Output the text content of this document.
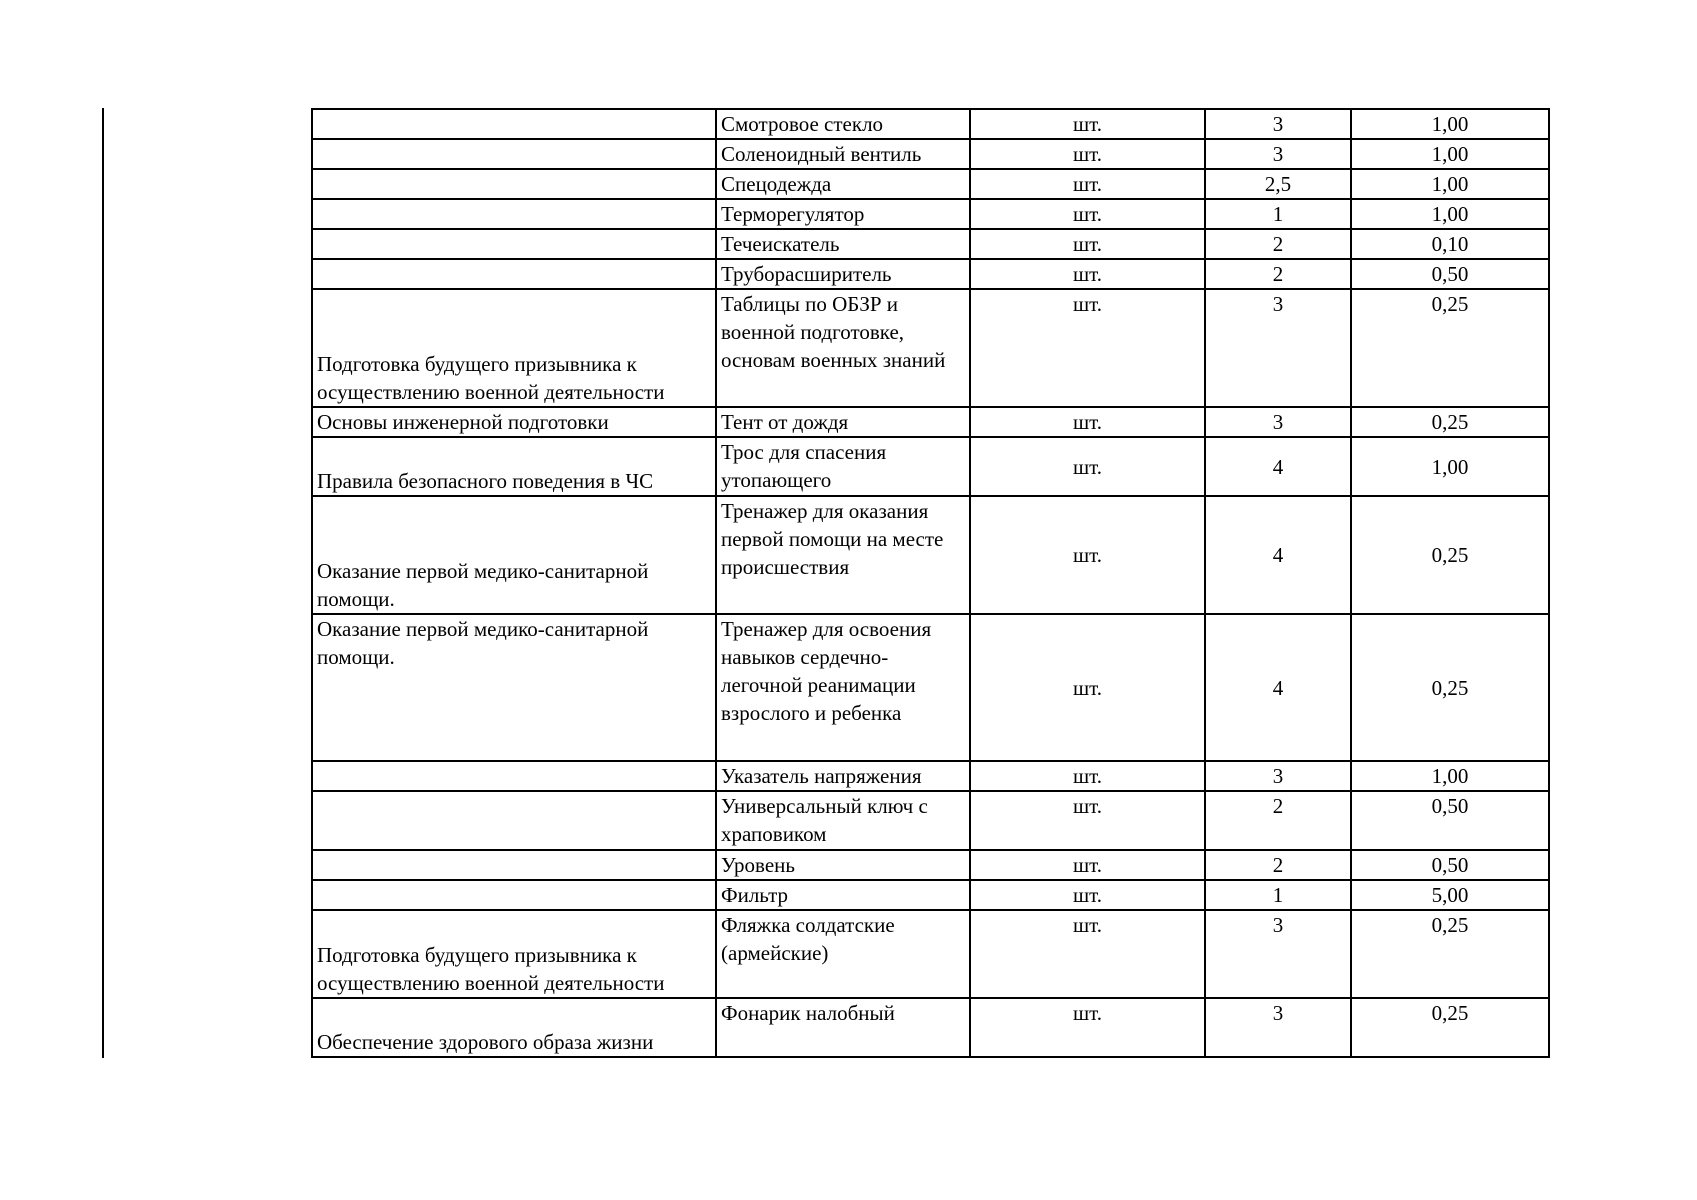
	Смотровое стекло	шт.	3	1,00
	Соленоидный вентиль	шт.	3	1,00
	Спецодежда	шт.	2,5	1,00
	Терморегулятор	шт.	1	1,00
	Течеискатель	шт.	2	0,10
	Труборасширитель	шт.	2	0,50
Подготовка будущего призывника к осуществлению военной деятельности	Таблицы по ОБЗР и военной подготовке, основам военных знаний	шт.	3	0,25
Основы инженерной подготовки	Тент от дождя	шт.	3	0,25
Правила безопасного поведения в ЧС	Трос для спасения утопающего	шт.	4	1,00
Оказание первой медико-санитарной помощи.	Тренажер для оказания первой помощи на месте происшествия	шт.	4	0,25
Оказание первой медико-санитарной помощи.	Тренажер для освоения навыков сердечно-легочной реанимации взрослого и ребенка	шт.	4	0,25
	Указатель напряжения	шт.	3	1,00
	Универсальный ключ с храповиком	шт.	2	0,50
	Уровень	шт.	2	0,50
	Фильтр	шт.	1	5,00
Подготовка будущего призывника к осуществлению военной деятельности	Фляжка солдатские (армейские)	шт.	3	0,25
Обеспечение здорового образа жизни	Фонарик налобный	шт.	3	0,25
